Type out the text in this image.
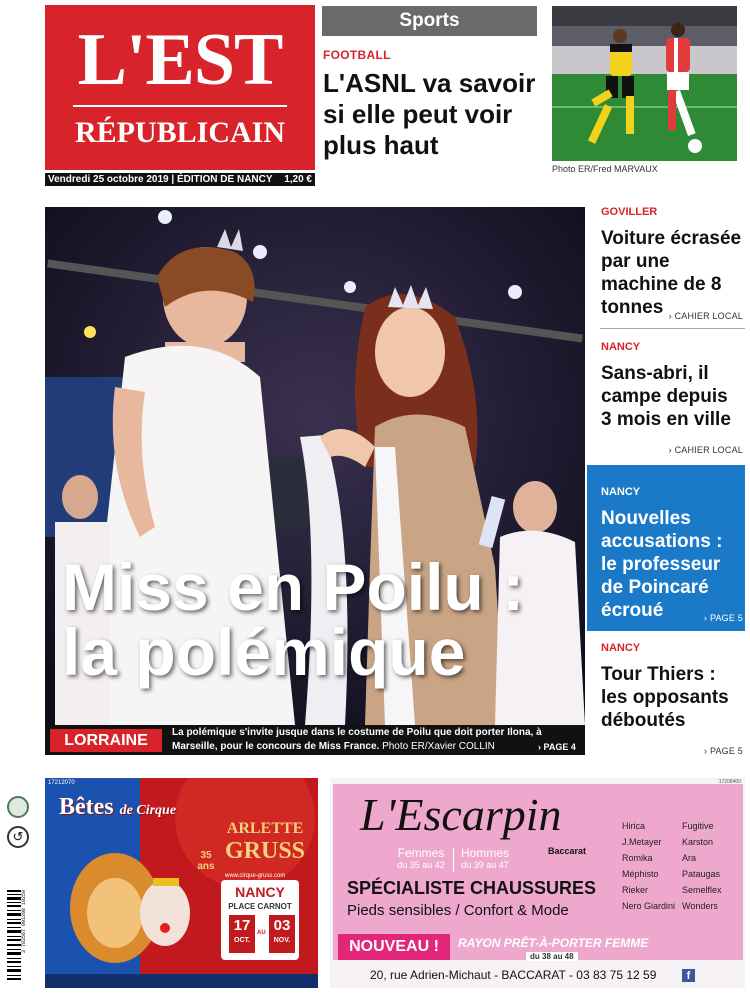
L'EST
RÉPUBLICAIN
Vendredi 25 octobre 2019 | ÉDITION DE NANCY 1,20 €
Sports
FOOTBALL
L'ASNL va savoir si elle peut voir plus haut
Photo ER/Fred MARVAUX
Miss en Poilu :
la polémique
LORRAINE	La polémique s'invite jusque dans le costume de Poilu que doit porter Ilona, à Marseille, pour le concours de Miss France. Photo ER/Xavier COLLIN	› PAGE 4
GOVILLER
Voiture écrasée par une machine de 8 tonnes › CAHIER LOCAL
NANCY
Sans-abri, il campe depuis 3 mois en ville
› CAHIER LOCAL
NANCY
Nouvelles accusations : le professeur de Poincaré écroué	› PAGE 5
NANCY
Tour Thiers : les opposants déboutés
› PAGE 5
↺
3 782567 901208 10250
17212070
Bêtes de Cirque
ARLETTE
GRUSS
35 ans
www.cirque-gruss.com
NANCY
PLACE CARNOT
17
OCT.
AU 03
NOV.
17208400
L'Escarpin
Baccarat
Femmes
du 35 au 42
Hommes
du 39 au 47
Hirica
J.Metayer
Romika
Méphisto
Rieker
Nero Giardini
Fugitive
Karston
Ara
Pataugas
Semelflex
Wonders
SPÉCIALISTE CHAUSSURES
Pieds sensibles / Confort & Mode
NOUVEAU !	RAYON PRÊT-À-PORTER FEMME
du 38 au 48
20, rue Adrien-Michaut - BACCARAT - 03 83 75 12 59	f
